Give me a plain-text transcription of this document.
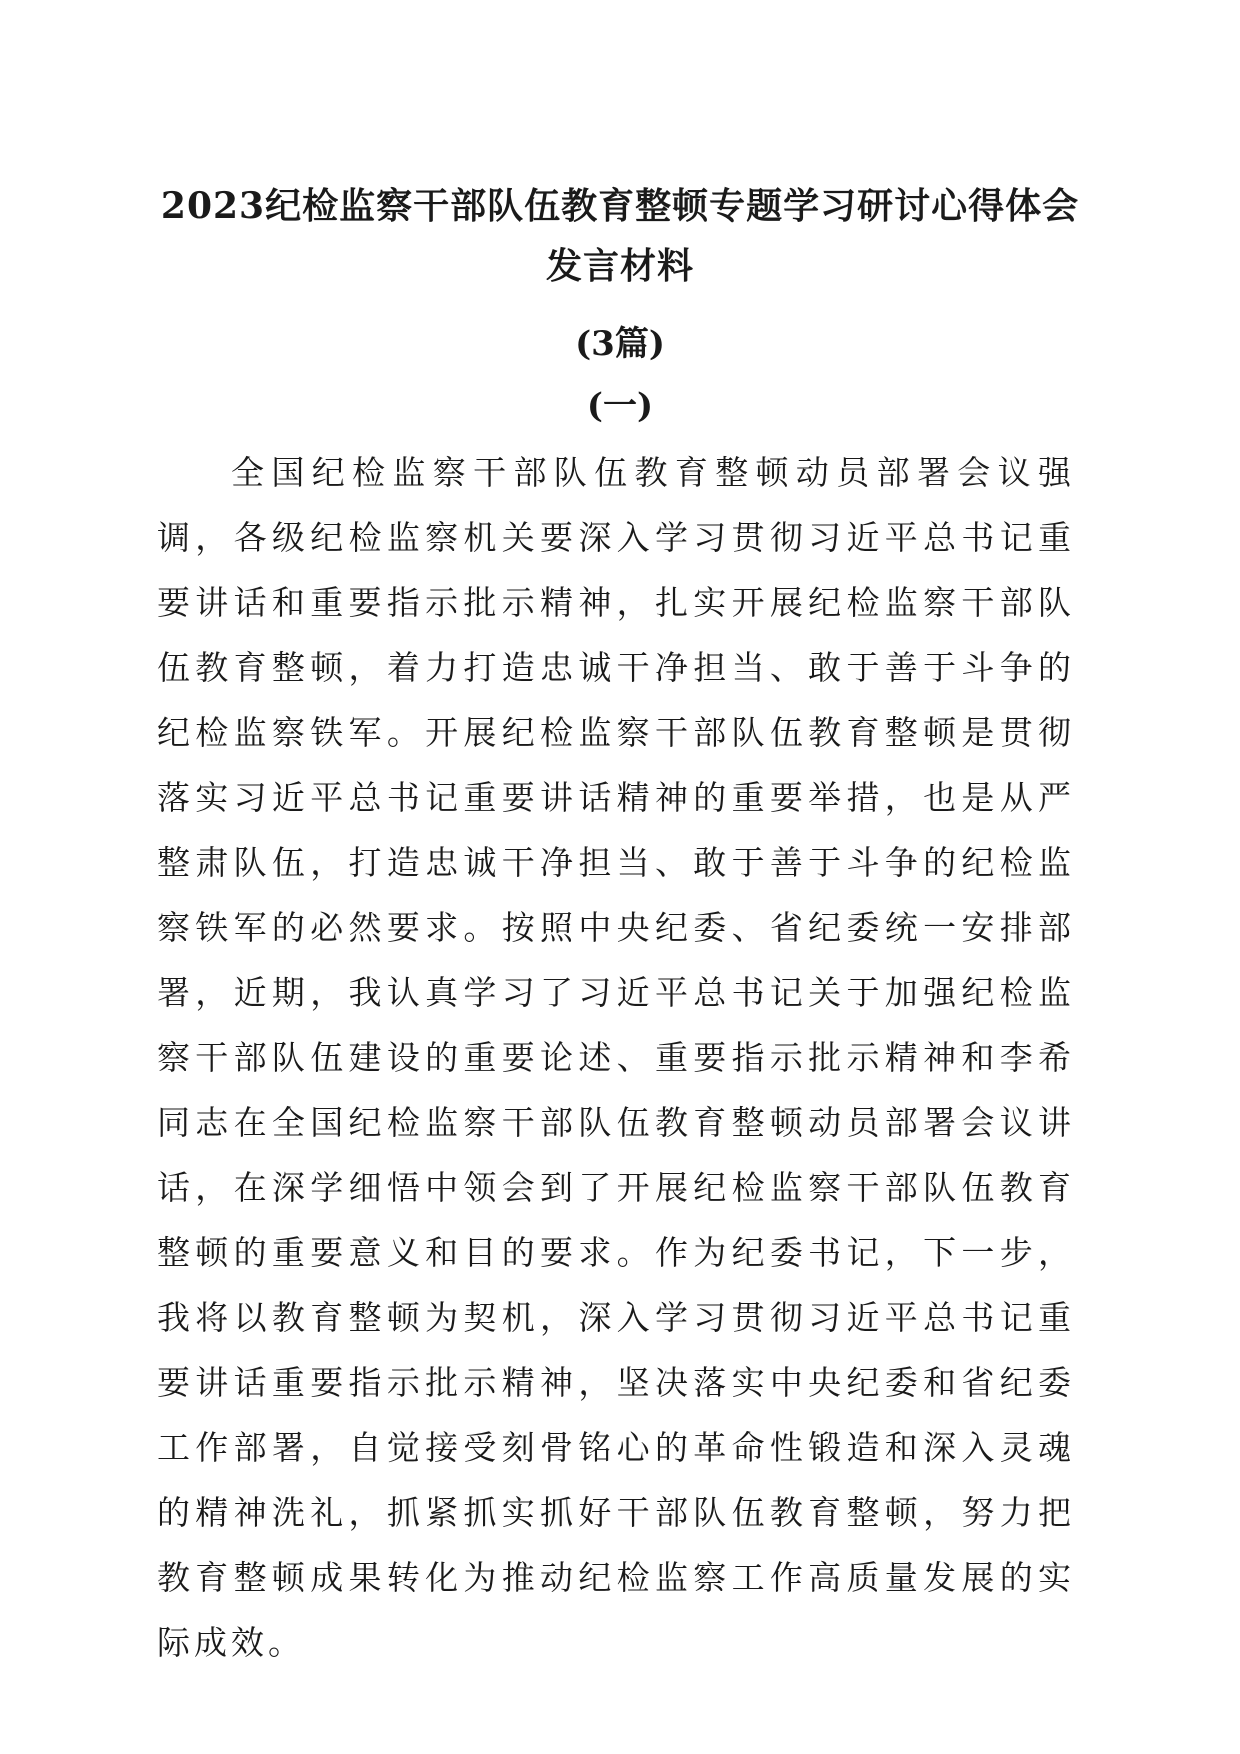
2023纪检监察干部队伍教育整顿专题学习研讨心得体会发言材料
(3篇)
(一)

全国纪检监察干部队伍教育整顿动员部署会议强调，各级纪检监察机关要深入学习贯彻习近平总书记重要讲话和重要指示批示精神，扎实开展纪检监察干部队伍教育整顿，着力打造忠诚干净担当、敢于善于斗争的纪检监察铁军。开展纪检监察干部队伍教育整顿是贯彻落实习近平总书记重要讲话精神的重要举措，也是从严整肃队伍，打造忠诚干净担当、敢于善于斗争的纪检监察铁军的必然要求。按照中央纪委、省纪委统一安排部署，近期，我认真学习了习近平总书记关于加强纪检监察干部队伍建设的重要论述、重要指示批示精神和李希同志在全国纪检监察干部队伍教育整顿动员部署会议讲话，在深学细悟中领会到了开展纪检监察干部队伍教育整顿的重要意义和目的要求。作为纪委书记，下一步，我将以教育整顿为契机，深入学习贯彻习近平总书记重要讲话重要指示批示精神，坚决落实中央纪委和省纪委工作部署，自觉接受刻骨铭心的革命性锻造和深入灵魂的精神洗礼，抓紧抓实抓好干部队伍教育整顿，努力把教育整顿成果转化为推动纪检监察工作高质量发展的实际成效。
